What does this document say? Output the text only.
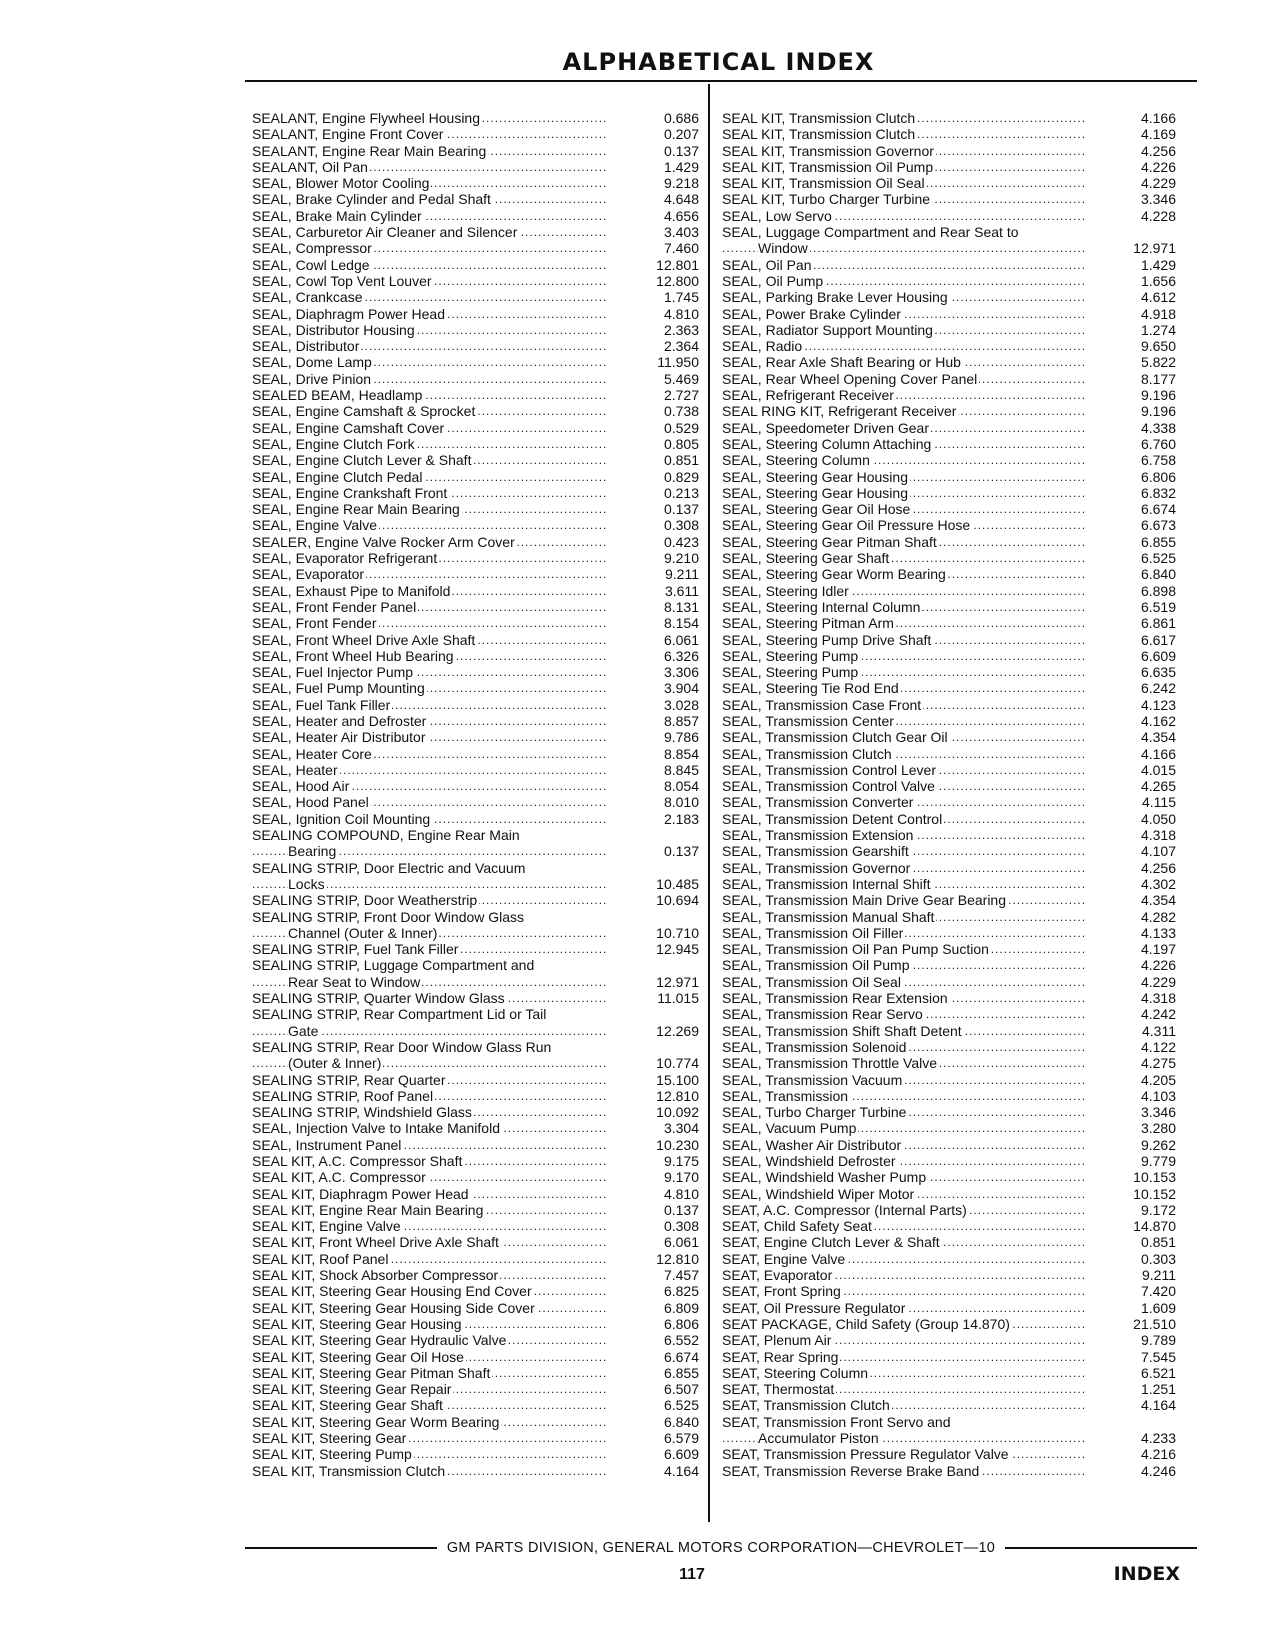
ALPHABETICAL INDEX
SEALANT, Engine Flywheel Housing .....	0.686
SEALANT, Engine Front Cover .....	0.207
SEALANT, Engine Rear Main Bearing .....	0.137
SEALANT, Oil Pan .....	1.429
SEAL, Blower Motor Cooling .....	9.218
SEAL, Brake Cylinder and Pedal Shaft .....	4.648
SEAL, Brake Main Cylinder .....	4.656
SEAL, Carburetor Air Cleaner and Silencer .....	3.403
SEAL, Compressor .....	7.460
SEAL, Cowl Ledge .....	12.801
SEAL, Cowl Top Vent Louver .....	12.800
SEAL, Crankcase .....	1.745
SEAL, Diaphragm Power Head .....	4.810
SEAL, Distributor Housing .....	2.363
SEAL, Distributor .....	2.364
SEAL, Dome Lamp .....	11.950
SEAL, Drive Pinion .....	5.469
SEALED BEAM, Headlamp .....	2.727
SEAL, Engine Camshaft & Sprocket .....	0.738
SEAL, Engine Camshaft Cover .....	0.529
SEAL, Engine Clutch Fork .....	0.805
SEAL, Engine Clutch Lever & Shaft .....	0.851
SEAL, Engine Clutch Pedal .....	0.829
SEAL, Engine Crankshaft Front .....	0.213
SEAL, Engine Rear Main Bearing .....	0.137
SEAL, Engine Valve .....	0.308
SEALER, Engine Valve Rocker Arm Cover .....	0.423
SEAL, Evaporator Refrigerant .....	9.210
SEAL, Evaporator .....	9.211
SEAL, Exhaust Pipe to Manifold .....	3.611
SEAL, Front Fender Panel .....	8.131
SEAL, Front Fender .....	8.154
SEAL, Front Wheel Drive Axle Shaft .....	6.061
SEAL, Front Wheel Hub Bearing .....	6.326
SEAL, Fuel Injector Pump .....	3.306
SEAL, Fuel Pump Mounting .....	3.904
SEAL, Fuel Tank Filler .....	3.028
SEAL, Heater and Defroster .....	8.857
SEAL, Heater Air Distributor .....	9.786
SEAL, Heater Core .....	8.854
SEAL, Heater .....	8.845
SEAL, Hood Air .....	8.054
SEAL, Hood Panel .....	8.010
SEAL, Ignition Coil Mounting .....	2.183
SEALING COMPOUND, Engine Rear Main
Bearing .....	0.137
SEALING STRIP, Door Electric and Vacuum
Locks .....	10.485
SEALING STRIP, Door Weatherstrip .....	10.694
SEALING STRIP, Front Door Window Glass
Channel (Outer & Inner) .....	10.710
SEALING STRIP, Fuel Tank Filler .....	12.945
SEALING STRIP, Luggage Compartment and
Rear Seat to Window .....	12.971
SEALING STRIP, Quarter Window Glass .....	11.015
SEALING STRIP, Rear Compartment Lid or Tail
Gate .....	12.269
SEALING STRIP, Rear Door Window Glass Run
(Outer & Inner) .....	10.774
SEALING STRIP, Rear Quarter .....	15.100
SEALING STRIP, Roof Panel .....	12.810
SEALING STRIP, Windshield Glass .....	10.092
SEAL, Injection Valve to Intake Manifold .....	3.304
SEAL, Instrument Panel .....	10.230
SEAL KIT, A.C. Compressor Shaft .....	9.175
SEAL KIT, A.C. Compressor .....	9.170
SEAL KIT, Diaphragm Power Head .....	4.810
SEAL KIT, Engine Rear Main Bearing .....	0.137
SEAL KIT, Engine Valve .....	0.308
SEAL KIT, Front Wheel Drive Axle Shaft .....	6.061
SEAL KIT, Roof Panel .....	12.810
SEAL KIT, Shock Absorber Compressor .....	7.457
SEAL KIT, Steering Gear Housing End Cover .....	6.825
SEAL KIT, Steering Gear Housing Side Cover .....	6.809
SEAL KIT, Steering Gear Housing .....	6.806
SEAL KIT, Steering Gear Hydraulic Valve .....	6.552
SEAL KIT, Steering Gear Oil Hose .....	6.674
SEAL KIT, Steering Gear Pitman Shaft .....	6.855
SEAL KIT, Steering Gear Repair .....	6.507
SEAL KIT, Steering Gear Shaft .....	6.525
SEAL KIT, Steering Gear Worm Bearing .....	6.840
SEAL KIT, Steering Gear .....	6.579
SEAL KIT, Steering Pump .....	6.609
SEAL KIT, Transmission Clutch .....	4.164
SEAL KIT, Transmission Clutch .....	4.166
SEAL KIT, Transmission Clutch .....	4.169
SEAL KIT, Transmission Governor .....	4.256
SEAL KIT, Transmission Oil Pump .....	4.226
SEAL KIT, Transmission Oil Seal .....	4.229
SEAL KIT, Turbo Charger Turbine .....	3.346
SEAL, Low Servo .....	4.228
SEAL, Luggage Compartment and Rear Seat to
Window .....	12.971
SEAL, Oil Pan .....	1.429
SEAL, Oil Pump .....	1.656
SEAL, Parking Brake Lever Housing .....	4.612
SEAL, Power Brake Cylinder .....	4.918
SEAL, Radiator Support Mounting .....	1.274
SEAL, Radio .....	9.650
SEAL, Rear Axle Shaft Bearing or Hub .....	5.822
SEAL, Rear Wheel Opening Cover Panel .....	8.177
SEAL, Refrigerant Receiver .....	9.196
SEAL RING KIT, Refrigerant Receiver .....	9.196
SEAL, Speedometer Driven Gear .....	4.338
SEAL, Steering Column Attaching .....	6.760
SEAL, Steering Column .....	6.758
SEAL, Steering Gear Housing .....	6.806
SEAL, Steering Gear Housing .....	6.832
SEAL, Steering Gear Oil Hose .....	6.674
SEAL, Steering Gear Oil Pressure Hose .....	6.673
SEAL, Steering Gear Pitman Shaft .....	6.855
SEAL, Steering Gear Shaft .....	6.525
SEAL, Steering Gear Worm Bearing .....	6.840
SEAL, Steering Idler .....	6.898
SEAL, Steering Internal Column .....	6.519
SEAL, Steering Pitman Arm .....	6.861
SEAL, Steering Pump Drive Shaft .....	6.617
SEAL, Steering Pump .....	6.609
SEAL, Steering Pump .....	6.635
SEAL, Steering Tie Rod End .....	6.242
SEAL, Transmission Case Front .....	4.123
SEAL, Transmission Center .....	4.162
SEAL, Transmission Clutch Gear Oil .....	4.354
SEAL, Transmission Clutch .....	4.166
SEAL, Transmission Control Lever .....	4.015
SEAL, Transmission Control Valve .....	4.265
SEAL, Transmission Converter .....	4.115
SEAL, Transmission Detent Control .....	4.050
SEAL, Transmission Extension .....	4.318
SEAL, Transmission Gearshift .....	4.107
SEAL, Transmission Governor .....	4.256
SEAL, Transmission Internal Shift .....	4.302
SEAL, Transmission Main Drive Gear Bearing .....	4.354
SEAL, Transmission Manual Shaft .....	4.282
SEAL, Transmission Oil Filler .....	4.133
SEAL, Transmission Oil Pan Pump Suction .....	4.197
SEAL, Transmission Oil Pump .....	4.226
SEAL, Transmission Oil Seal .....	4.229
SEAL, Transmission Rear Extension .....	4.318
SEAL, Transmission Rear Servo .....	4.242
SEAL, Transmission Shift Shaft Detent .....	4.311
SEAL, Transmission Solenoid .....	4.122
SEAL, Transmission Throttle Valve .....	4.275
SEAL, Transmission Vacuum .....	4.205
SEAL, Transmission .....	4.103
SEAL, Turbo Charger Turbine .....	3.346
SEAL, Vacuum Pump .....	3.280
SEAL, Washer Air Distributor .....	9.262
SEAL, Windshield Defroster .....	9.779
SEAL, Windshield Washer Pump .....	10.153
SEAL, Windshield Wiper Motor .....	10.152
SEAT, A.C. Compressor (Internal Parts) .....	9.172
SEAT, Child Safety Seat .....	14.870
SEAT, Engine Clutch Lever & Shaft .....	0.851
SEAT, Engine Valve .....	0.303
SEAT, Evaporator .....	9.211
SEAT, Front Spring .....	7.420
SEAT, Oil Pressure Regulator .....	1.609
SEAT PACKAGE, Child Safety (Group 14.870) .....	21.510
SEAT, Plenum Air .....	9.789
SEAT, Rear Spring .....	7.545
SEAT, Steering Column .....	6.521
SEAT, Thermostat .....	1.251
SEAT, Transmission Clutch .....	4.164
SEAT, Transmission Front Servo and
Accumulator Piston .....	4.233
SEAT, Transmission Pressure Regulator Valve .....	4.216
SEAT, Transmission Reverse Brake Band .....	4.246
GM PARTS DIVISION, GENERAL MOTORS CORPORATION—CHEVROLET—10
117	INDEX
